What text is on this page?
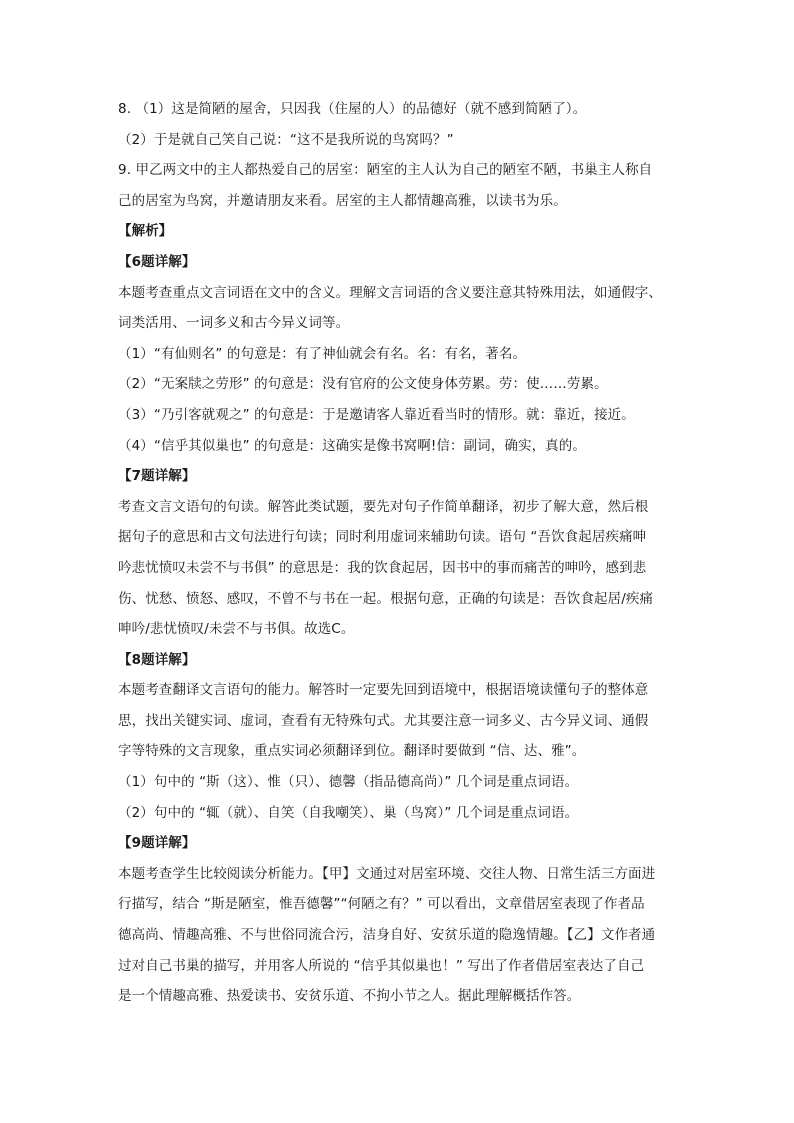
8. （1）这是简陋的屋舍，只因我（住屋的人）的品德好（就不感到简陋了）。
（2）于是就自己笑自己说：“这不是我所说的鸟窝吗？”
9. 甲乙两文中的主人都热爱自己的居室：陋室的主人认为自己的陋室不陋，书巢主人称自
己的居室为鸟窝，并邀请朋友来看。居室的主人都情趣高雅，以读书为乐。
【解析】
【6题详解】
本题考查重点文言词语在文中的含义。理解文言词语的含义要注意其特殊用法，如通假字、
词类活用、一词多义和古今异义词等。
（1）“有仙则名” 的句意是：有了神仙就会有名。名：有名，著名。
（2）“无案牍之劳形” 的句意是：没有官府的公文使身体劳累。劳：使……劳累。
（3）“乃引客就观之” 的句意是：于是邀请客人靠近看当时的情形。就：靠近，接近。
（4）“信乎其似巢也” 的句意是：这确实是像书窝啊!信：副词，确实，真的。
【7题详解】
考查文言文语句的句读。解答此类试题，要先对句子作简单翻译，初步了解大意，然后根
据句子的意思和古文句法进行句读；同时利用虚词来辅助句读。语句 “吾饮食起居疾痛呻
吟悲忧愤叹未尝不与书俱” 的意思是：我的饮食起居，因书中的事而痛苦的呻吟，感到悲
伤、忧愁、愤怒、感叹，不曾不与书在一起。根据句意，正确的句读是：吾饮食起居/疾痛
呻吟/悲忧愤叹/未尝不与书俱。故选C。
【8题详解】
本题考查翻译文言语句的能力。解答时一定要先回到语境中，根据语境读懂句子的整体意
思，找出关键实词、虚词，查看有无特殊句式。尤其要注意一词多义、古今异义词、通假
字等特殊的文言现象，重点实词必须翻译到位。翻译时要做到 “信、达、雅”。
（1）句中的 “斯（这）、惟（只）、德馨（指品德高尚）” 几个词是重点词语。
（2）句中的 “辄（就）、自笑（自我嘲笑）、巢（鸟窝）” 几个词是重点词语。
【9题详解】
本题考查学生比较阅读分析能力。【甲】文通过对居室环境、交往人物、日常生活三方面进
行描写，结合 “斯是陋室，惟吾德馨”“何陋之有？” 可以看出，文章借居室表现了作者品
德高尚、情趣高雅、不与世俗同流合污，洁身自好、安贫乐道的隐逸情趣。【乙】文作者通
过对自己书巢的描写，并用客人所说的 “信乎其似巢也！” 写出了作者借居室表达了自己
是一个情趣高雅、热爱读书、安贫乐道、不拘小节之人。据此理解概括作答。
